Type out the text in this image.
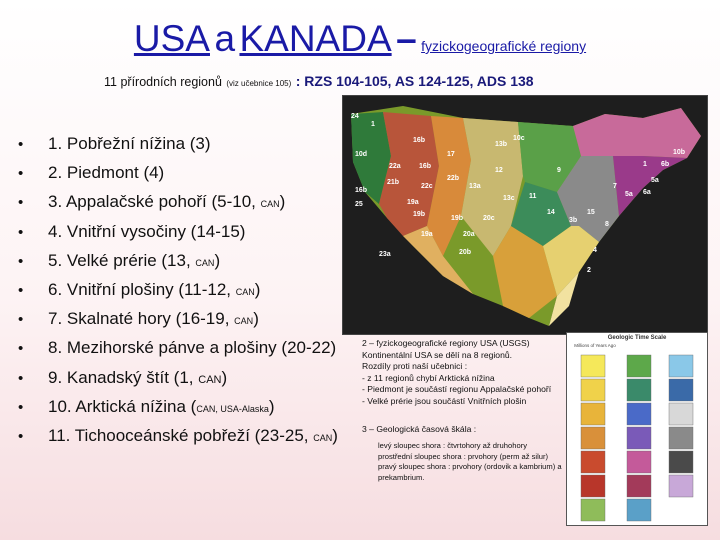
USA a KANADA – fyzickogeografické regiony
11 přírodních regionů (viz učebnice 105) : RZS 104-105, AS 124-125, ADS 138
• 1. Pobřežní nížina (3)
• 2. Piedmont (4)
• 3. Appalačské pohoří (5-10, CAN)
• 4. Vnitřní vysočiny (14-15)
• 5. Velké prérie (13, CAN)
• 6. Vnitřní plošiny (11-12, CAN)
• 7. Skalnaté hory (16-19, CAN)
• 8. Mezihorské pánve a plošiny (20-22)
• 9. Kanadský štít (1, CAN)
• 10. Arktická nížina (CAN, USA-Alaska)
• 11. Tichooceánské pobřeží (23-25, CAN)
24
16b
17
10c
10d
22a	16b
22b
13b
10b
6b
25
21b
22c	13a
12	9
13c
14	15
16b
1
7
5a
1
3b
23a
8
5a
19b
11
6a
20c
20a
4
2
19b
19a
20b
19a

2 – fyzickogeografické regiony USA (USGS)

Kontinentální USA se dělí na 8 regionů.

Rozdíly proti naší učebnici :

- z 11 regionů chybí Arktická nížina

- Piedmont je součástí regionu Appalačské pohoří

- Velké prérie jsou součástí Vnitřních plošin

3 – Geologická časová škála :

levý sloupec shora : čtvrtohory až druhohory

prostřední sloupec shora : prvohory (perm až silur)

pravý sloupec shora : prvohory (ordovik a kambrium) a prekambrium.

Geologic Time Scale
Millions of Years Ago
